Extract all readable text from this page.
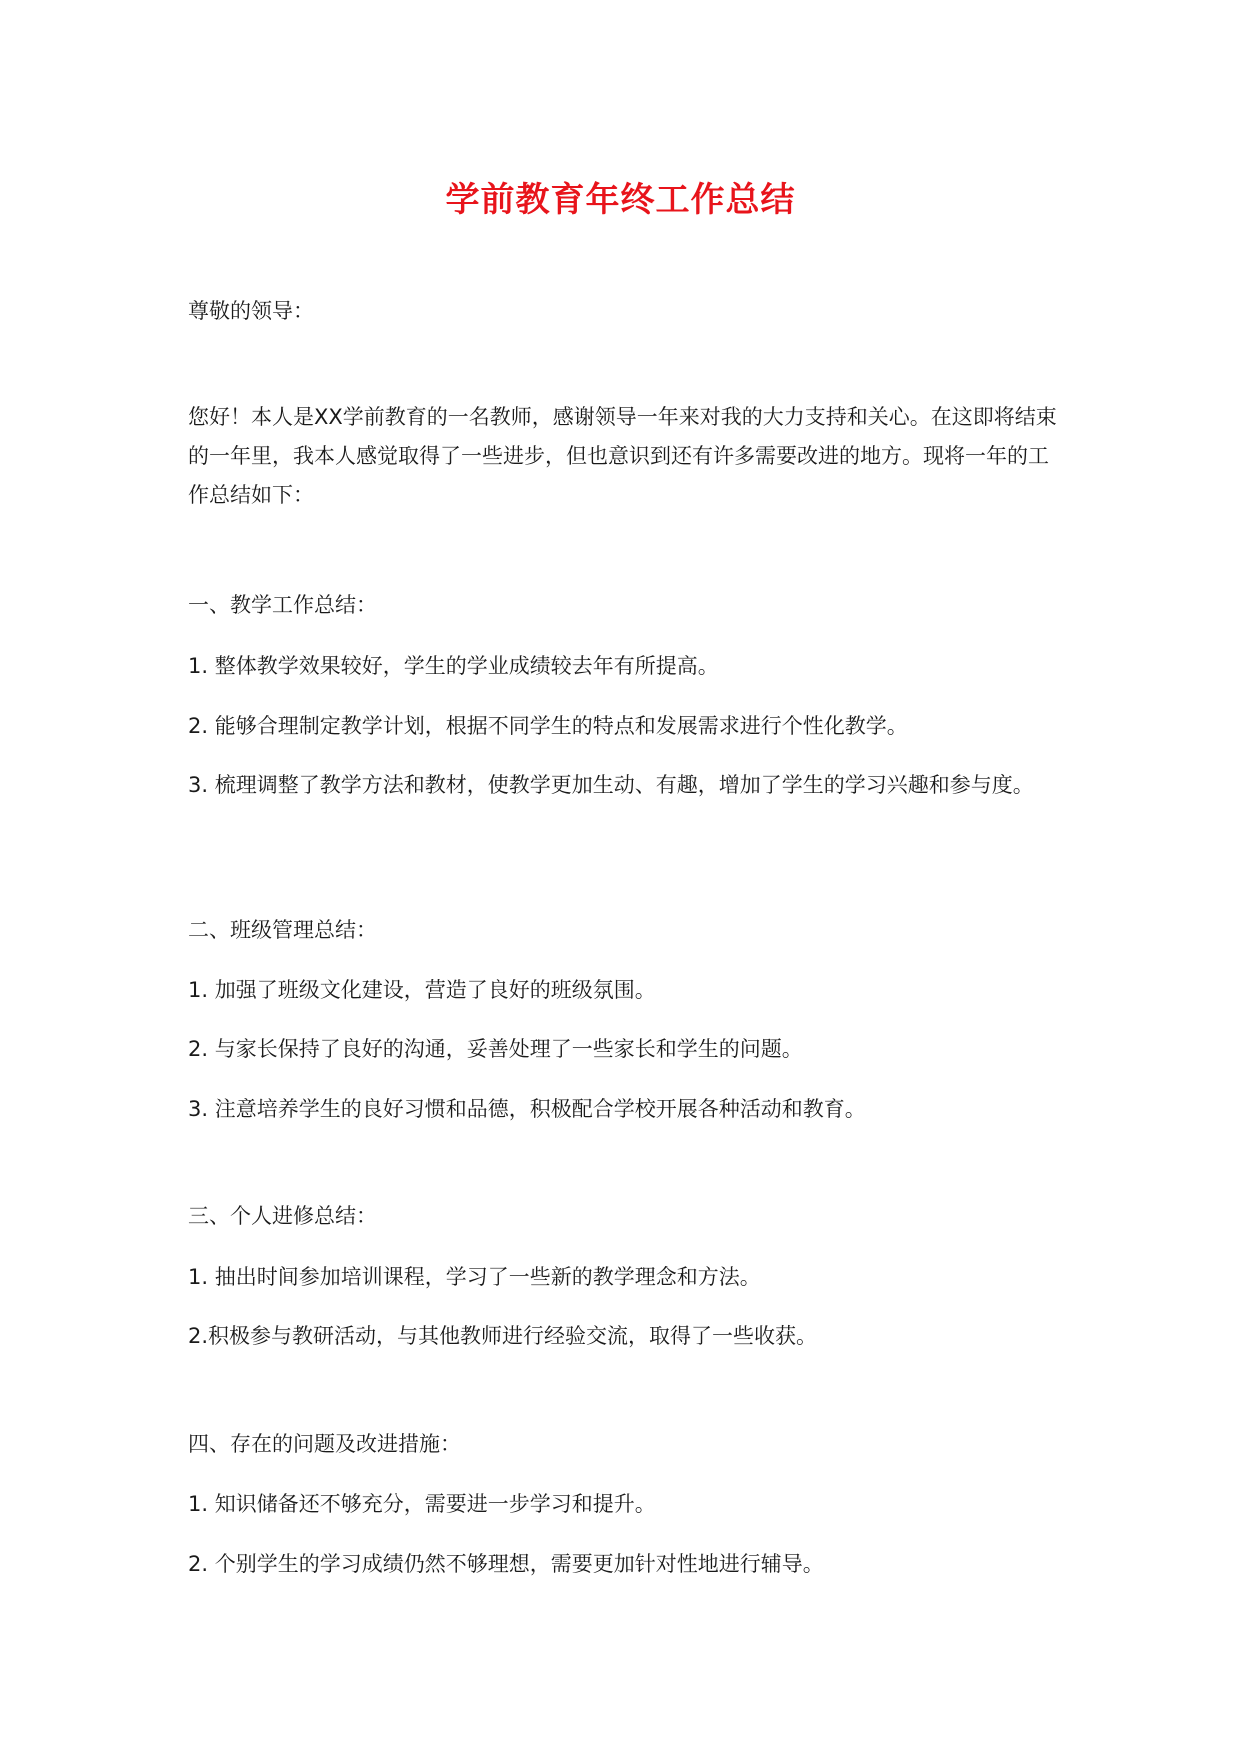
学前教育年终工作总结

尊敬的领导：

您好！本人是XX学前教育的一名教师，感谢领导一年来对我的大力支持和关心。在这即将结束的一年里，我本人感觉取得了一些进步，但也意识到还有许多需要改进的地方。现将一年的工作总结如下：

一、教学工作总结：

1. 整体教学效果较好，学生的学业成绩较去年有所提高。

2. 能够合理制定教学计划，根据不同学生的特点和发展需求进行个性化教学。

3. 梳理调整了教学方法和教材，使教学更加生动、有趣，增加了学生的学习兴趣和参与度。

二、班级管理总结：

1. 加强了班级文化建设，营造了良好的班级氛围。

2. 与家长保持了良好的沟通，妥善处理了一些家长和学生的问题。

3. 注意培养学生的良好习惯和品德，积极配合学校开展各种活动和教育。

三、个人进修总结：

1. 抽出时间参加培训课程，学习了一些新的教学理念和方法。

2.积极参与教研活动，与其他教师进行经验交流，取得了一些收获。

四、存在的问题及改进措施：

1. 知识储备还不够充分，需要进一步学习和提升。

2. 个别学生的学习成绩仍然不够理想，需要更加针对性地进行辅导。
